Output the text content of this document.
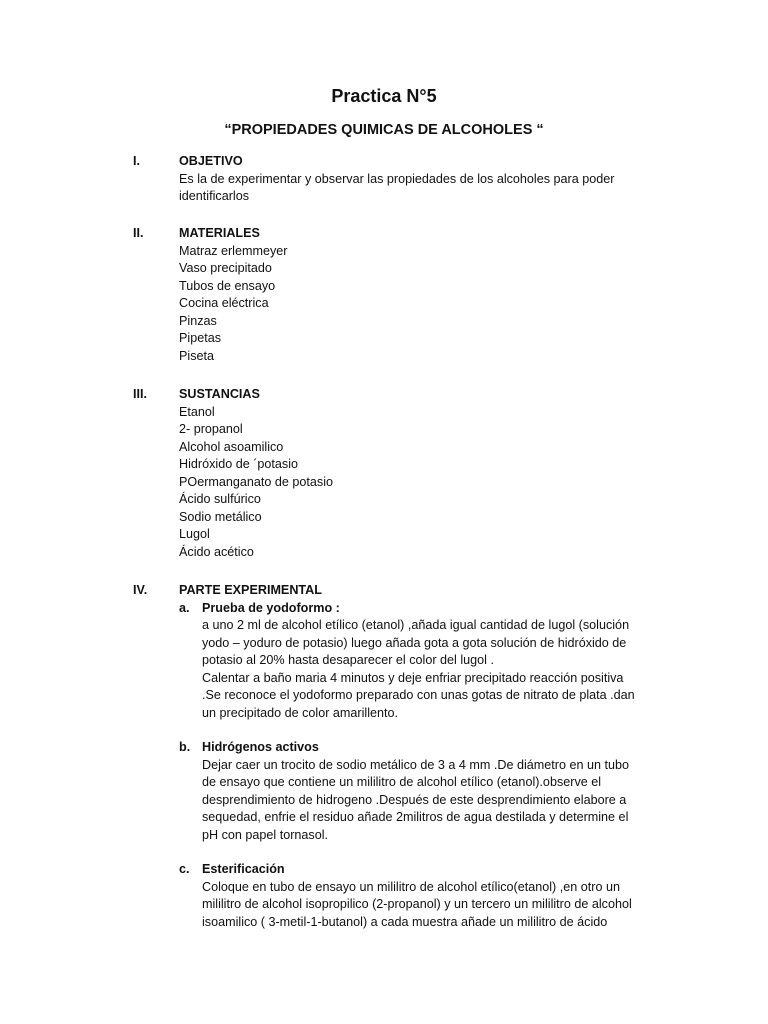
Practica N°5
“PROPIEDADES QUIMICAS DE ALCOHOLES “
I.	OBJETIVO
Es la de experimentar y observar las propiedades de los alcoholes para poder
identificarlos
II.	MATERIALES
Matraz erlemmeyer
Vaso precipitado
Tubos de ensayo
Cocina eléctrica
Pinzas
Pipetas
Piseta
III.	SUSTANCIAS
Etanol
2- propanol
Alcohol asoamilico
Hidróxido de ´potasio
POermanganato de potasio
Ácido sulfúrico
Sodio metálico
Lugol
Ácido acético
IV.	PARTE EXPERIMENTAL
a. Prueba de yodoformo :
a uno 2 ml de alcohol etílico (etanol) ,añada igual cantidad de lugol (solución
yodo – yoduro de potasio) luego añada gota a gota solución de hidróxido de
potasio al 20% hasta desaparecer el color del lugol .
Calentar a baño maria 4 minutos y deje enfriar precipitado reacción positiva
.Se reconoce el yodoformo preparado con unas gotas de nitrato de plata .dan
un precipitado de color amarillento.
b. Hidrógenos activos
Dejar caer un trocito de sodio metálico de 3 a 4 mm .De diámetro en un tubo
de ensayo que contiene un mililitro de alcohol etílico (etanol).observe el
desprendimiento de hidrogeno .Después de este desprendimiento elabore a
sequedad, enfrie el residuo añade 2militros de agua destilada y determine el
pH con papel tornasol.
c. Esterificación
Coloque en tubo de ensayo un mililitro de alcohol etílico(etanol) ,en otro un
mililitro de alcohol isopropilico (2-propanol) y un tercero un mililitro de alcohol
isoamilico ( 3-metil-1-butanol) a cada muestra añade un mililitro de ácido
